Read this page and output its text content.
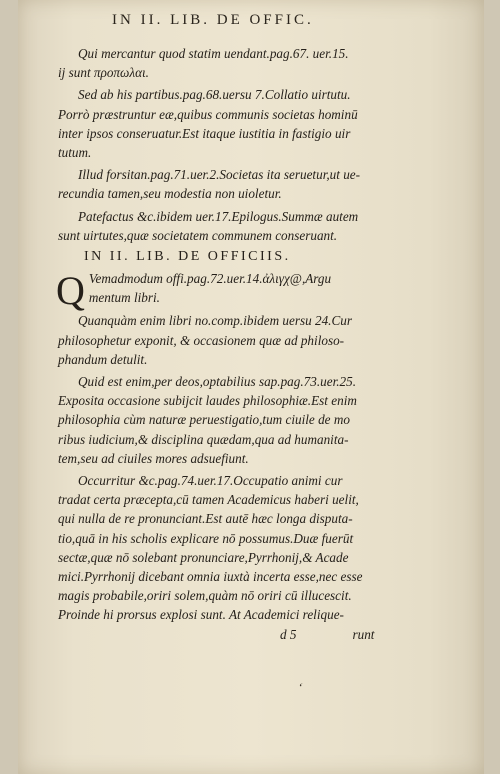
IN II. LIB. DE OFFIC.
Qui mercantur quod statim uendant.pag.67. uer.15.
ij sunt προπωλαι.
Sed ab his partibus.pag.68.uersu 7.Collatio uirtutu.
Porrò præstruntur eæ,quibus communis societas hominū
inter ipsos conseruatur.Est itaque iustitia in fastigio uir
tutum.
Illud forsitan.pag.71.uer.2.Societas ita seruetur,ut ue-
recundia tamen,seu modestia non uioletur.
Patefactus &c.ibidem uer.17.Epilogus.Summæ autem
sunt uirtutes,quæ societatem communem conseruant.
IN II. LIB. DE OFFICIIS.
Q Vemadmodum offi.pag.72.uer.14.ἀλιγχ@,Argu
mentum libri.
Quanquàm enim libri no.comp.ibidem uersu 24.Cur
philosophetur exponit, & occasionem quæ ad philoso-
phandum detulit.
Quid est enim,per deos,optabilius sap.pag.73.uer.25.
Exposita occasione subijcit laudes philosophiæ.Est enim
philosophia cùm naturæ peruestigatio,tum ciuile de mo
ribus iudicium,& disciplina quædam,qua ad humanita-
tem,seu ad ciuiles mores adsuefiunt.
Occurritur &c.pag.74.uer.17.Occupatio animi cur
tradat certa præcepta,cū tamen Academicus haberi uelit,
qui nulla de re pronunciant.Est autē hæc longa disputa-
tio,quā in his scholis explicare nō possumus.Duæ fuerūt
sectæ,quæ nō solebant pronunciare,Pyrrhonij,& Acade
mici.Pyrrhonij dicebant omnia iuxtà incerta esse,nec esse
magis probabile,oriri solem,quàm nō oriri cū illucescit.
Proinde hi prorsus explosi sunt. At Academici relique-
d 5	runt
‘
